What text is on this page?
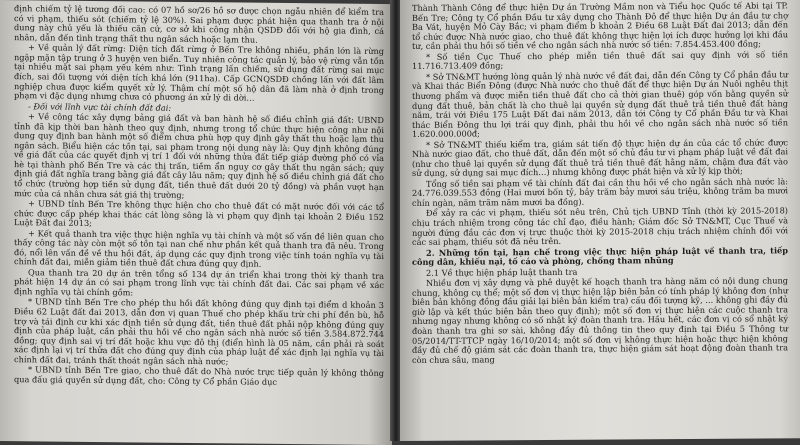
định chiếm tỷ lệ tương đối cao: có 07 hồ sơ/26 hồ sơ được chọn ngẫu nhiên để kiểm tra có vi phạm, thiếu sót (chiếm tỷ lệ 30%). Sai phạm được phát hiện qua thanh tra ở nội dung này chủ yếu là thiếu căn cứ, cơ sở khi công nhận QSDĐ đối với hộ gia đình, cá nhân, dẫn đến tình trạng thất thu ngân sách hoặc lạm thu.

+ Về quản lý đất rừng: Diện tích đất rừng ở Bến Tre không nhiều, phần lớn là rừng ngập mặn tập trung ở 3 huyện ven biển. Tuy nhiên công tác quản lý, bảo vệ rừng vẫn tồn tại nhiều mặt sai phạm yếu kém như: Tình trạng lấn chiếm, sử dụng đất rừng sai mục đích, sai đối tượng với diện tích khá lớn (911ha). Cấp GCNQSDĐ chồng lấn với đất lâm nghiệp chưa được kiểm quyết xử lý. Thậm chí một số hộ dân đã làm nhà ở định trong phạm vi đặc dụng nhưng chưa có phương án xử lý di dời…

- Đối với lĩnh vực tài chính đất đai:

+ Về công tác xây dựng bảng giá đất và ban hành hệ số điều chỉnh giá đất: UBND tỉnh đã kịp thời ban hành theo quy định, nhưng trong tổ chức thực hiện công như nội dung quy định ban hành một số điểm chưa phù hợp quy định gây thất thu hoặc lạm thu ngân sách. Biểu hiện các tồn tại, sai phạm trong nội dung này là: Quy định không đúng về giá đất của các quyết định vị trí 1 đối với những thửa đất tiếp giáp đường phố có vỉa hè tại thành phố Bến Tre và các thị trấn, tiềm ẩn nguy cơ gây thất thu ngân sách; quy định giá đất nghĩa trang bằng giá đất cây lâu năm; quy định hệ số điều chỉnh giá đất cho tổ chức (trường hợp tiền sử dụng đất, tiền thuê đất dưới 20 tỷ đồng) và phần vượt hạn mức của cá nhân chưa sát giá thị trường;

+ UBND tỉnh Bến Tre không thực hiện cho cho thuê đất có mặt nước đối với các tổ chức được cấp phép khai thác cát lòng sông là vi phạm quy định tại khoản 2 Điều 152 Luật Đất đai 2013;

+ Kết quả thanh tra việc thực hiện nghĩa vụ tài chính và một số vấn đề liên quan cho thấy công tác này còn một số tồn tại nan chế như phần kết quả thanh tra đã nêu. Trong đó, nổi lên vấn đề về thu hồi đất, áp dụng các quy định trong việc tính toán nghĩa vụ tài chính đất đai, miễn giảm tiền thuê đất chưa đúng quy định.

Qua thanh tra 20 dự án trên tổng số 134 dự án triển khai trong thời kỳ thanh tra phát hiện 14 dự án có sai phạm trong lĩnh vực tài chính đất đai. Các sai phạm về xác định nghĩa vụ tài chính gồm:

* UBND tỉnh Bến Tre cho phép thu hồi đất không đúng quy định tại điểm d khoản 3 Điều 62 Luật đất đai 2013, dẫn đơn vị quan Thuế cho phép khấu trừ chi phí đền bù, hỗ trợ và tái định cư khi xác định tiền sử dụng đất, tiền thuê đất phải nộp không đúng quy định của pháp luật, cần phải thu hồi về cho ngân sách nhà nước số tiền 3.584.872.744 đồng; quy định sai vị trí đất hoặc khu vực đô thị (điển hình là 05 năm, cần phải rà soát xác định lại vị trí thửa đất cho đúng quy định của pháp luật để xác định lại nghĩa vụ tài chính đất đai, tránh thất thoát ngân sách nhà nước;

* UBND tỉnh Bến Tre giao, cho thuê đất do Nhà nước trực tiếp quản lý không thông qua đấu giá quyền sử dụng đất, cho: Công ty Cổ phần Giáo dục

Thành Thành Công để thực hiện Dự án Trường Mầm non và Tiểu học Quốc tế Abi tại TP. Bến Tre; Công ty Cổ phần Đầu tư xây dựng cho Thành Đô để thực hiện Dự án đầu tư chợ Ba Vát, huyện Mỏ Cày Bắc; vi phạm điểm b khoản 2 Điều 68 Luật Đất đai 2013; dẫn đến tổ chức được Nhà nước giao, cho thuê đất không thực hiện lợi ích được hưởng lợi khi đầu tư, cần phải thu hồi số tiền về cho ngân sách nhà nước số tiền: 7.854.453.400 đồng;

* Số tiền Cục Thuế cho phép miễn tiền thuê đất sai quy định với số tiền 11.716.713.409 đồng;

* Sở TN&MT hướng lòng quản lý nhà nước về đất đai, dẫn đến Công ty Cổ phần đầu tư và Khai thác Biển Đông (được Nhà nước cho thuê đất để thực hiện Dự án Nuôi nghêu thịt thương phẩm và được miễn tiền thuê đất cho cả thời gian thuê) góp vốn bằng quyền sử dụng đất thuê, bản chất là cho thuê lại quyền sử dụng đất thuê trả tiền thuê đất hàng năm, trái với Điều 175 Luật Đất đai năm 2013, dẫn tới Công ty Cổ phần Đầu tư và Khai thác Biển Đông thu lợi trái quy định, phải thu hồi về cho ngân sách nhà nước số tiền 1.620.000.000đ;

* Sở TN&MT thiếu kiểm tra, giám sát tiến độ thực hiện dự án của các tổ chức được Nhà nước giao đất, cho thuê đất, dẫn đến một số chủ đầu tư vi phạm pháp luật về đất đai (như cho thuê lại quyền sử dụng đất thuê trả tiền thuê đất hằng năm, chậm đưa đất vào sử dụng, sử dụng sai mục đích…) nhưng không được phát hiện và xử lý kịp thời;

Tổng số tiền sai phạm về tài chính đất đai cần thu hồi về cho ngân sách nhà nước là: 24.776.039.553 đồng (Hai mươi bốn tỷ, bảy trăm bảy mươi sáu triệu, không trăm ba mươi chín ngàn, năm trăm năm mươi ba đồng).

Để xảy ra các vi phạm, thiếu sót nêu trên, Chủ tịch UBND Tỉnh (thời kỳ 2015-2018) chịu trách nhiệm trong công tác chỉ đạo, điều hành; Giám đốc Sở TN&MT, Cục Thuế và người đứng đầu các đơn vị trực thuộc thời kỳ 2015-2018 chịu trách nhiệm chính đối với các sai phạm, thiếu sót đã nêu trên.

2. Những tồn tại, hạn chế trong việc thực hiện pháp luật về thanh tra, tiếp công dân, khiếu nại, tố cáo và phòng, chống tham nhũng

2.1 Về thực hiện pháp luật thanh tra

Nhiều đơn vị xây dựng và phê duyệt kế hoạch thanh tra hàng năm có nội dung chung chung, không cụ thể; một số đơn vị thực hiện lập biên bản có tính pháp lý không đơn (như biên bản không đồng đầu giải lại biên bản kiểm tra) cấu đối tượng kỹ, ... không ghi đầy đủ giờ lập và kết thúc biên bản theo quy định); một số đơn vị thực hiện các cuộc thanh tra nhưng ngay nhưng không có số nhật ký đoàn thanh tra. Hầu hết, các đơn vị có sổ nhật ký đoàn thanh tra ghi sơ sài, không đầy đủ thông tin theo quy định tại Điều 5 Thông tư 05/2014/TT-TTCP ngày 16/10/2014; một số đơn vị không thực hiện hoặc thực hiện không đầy đủ chế độ giám sát các đoàn thanh tra, thực hiện giám sát hoạt động đoàn thanh tra còn chưa sâu, mang
